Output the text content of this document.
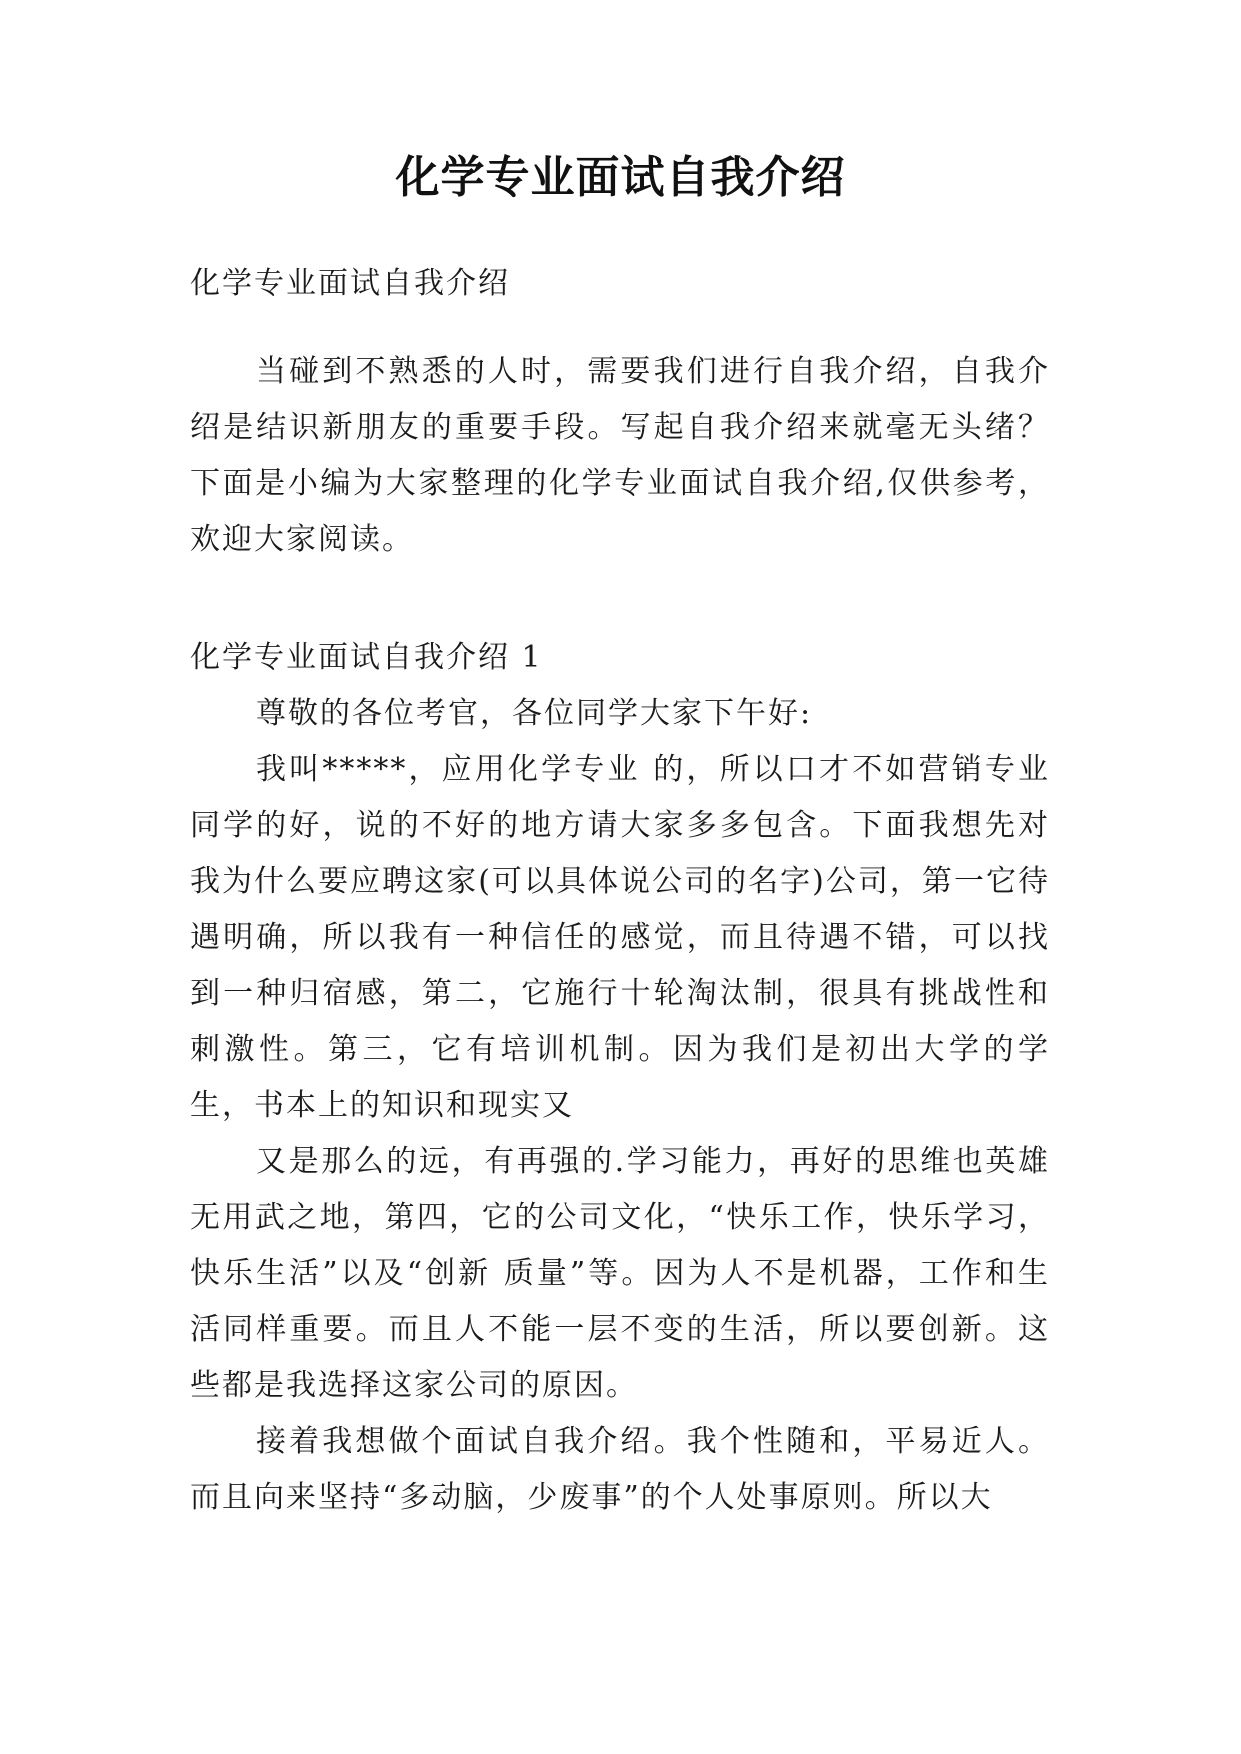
化学专业面试自我介绍
化学专业面试自我介绍

当碰到不熟悉的人时，需要我们进行自我介绍，自我介绍是结识新朋友的重要手段。写起自我介绍来就毫无头绪？下面是小编为大家整理的化学专业面试自我介绍,仅供参考，欢迎大家阅读。

化学专业面试自我介绍 1

尊敬的各位考官，各位同学大家下午好:

我叫*****，应用化学专业 的，所以口才不如营销专业同学的好，说的不好的地方请大家多多包含。下面我想先对我为什么要应聘这家(可以具体说公司的名字)公司，第一它待遇明确，所以我有一种信任的感觉，而且待遇不错，可以找到一种归宿感，第二，它施行十轮淘汰制，很具有挑战性和刺激性。第三，它有培训机制。因为我们是初出大学的学生，书本上的知识和现实又

又是那么的远，有再强的.学习能力，再好的思维也英雄无用武之地，第四，它的公司文化，“快乐工作，快乐学习，快乐生活”以及“创新 质量”等。因为人不是机器，工作和生活同样重要。而且人不能一层不变的生活，所以要创新。这些都是我选择这家公司的原因。

接着我想做个面试自我介绍。我个性随和，平易近人。而且向来坚持“多动脑，少废事”的个人处事原则。所以大
